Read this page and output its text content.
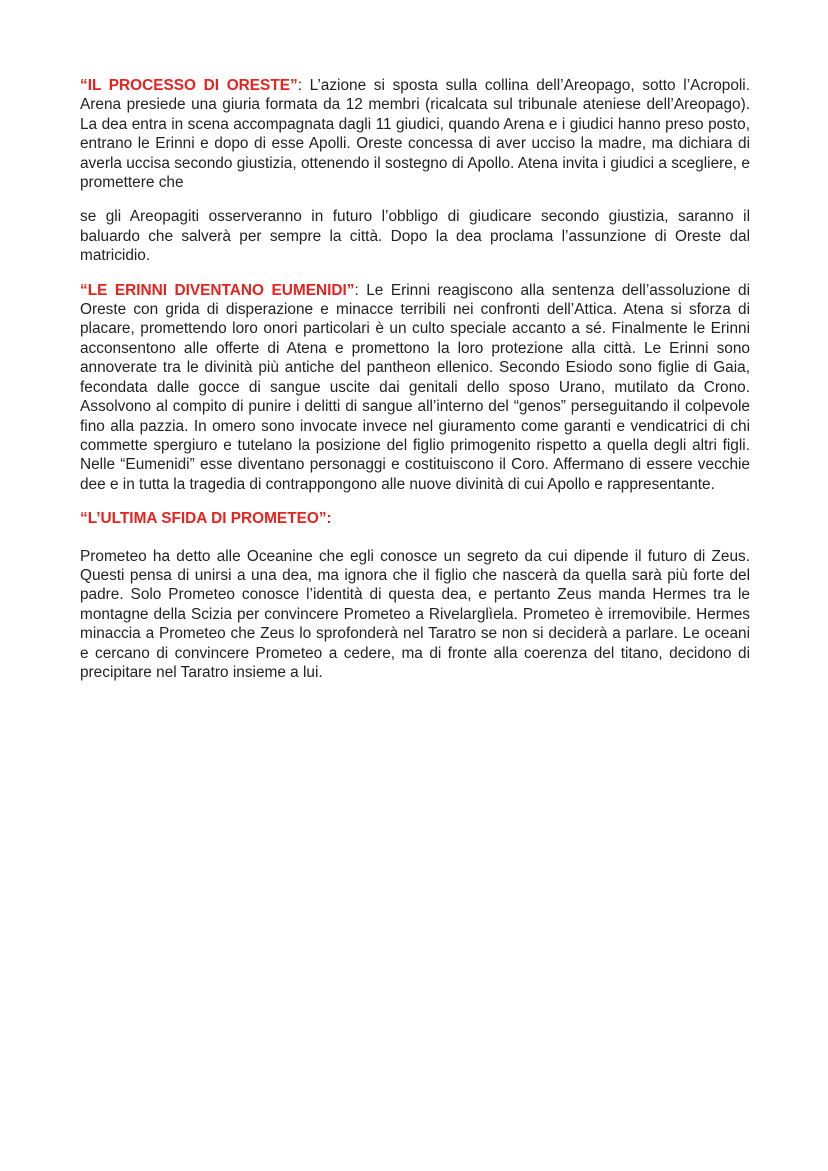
“IL PROCESSO DI ORESTE”: L’azione si sposta sulla collina dell’Areopago, sotto l’Acropoli. Arena presiede una giuria formata da 12 membri (ricalcata sul tribunale ateniese dell’Areopago). La dea entra in scena accompagnata dagli 11 giudici, quando Arena e i giudici hanno preso posto, entrano le Erinni e dopo di esse Apolli. Oreste concessa di aver ucciso la madre, ma dichiara di averla uccisa secondo giustizia, ottenendo il sostegno di Apollo. Atena invita i giudici a scegliere, e promettere che

se gli Areopagiti osserveranno in futuro l’obbligo di giudicare secondo giustizia, saranno il baluardo che salverà per sempre la città. Dopo la dea proclama l’assunzione di Oreste dal matricidio.

“LE ERINNI DIVENTANO EUMENIDI”: Le Erinni reagiscono alla sentenza dell’assoluzione di Oreste con grida di disperazione e minacce terribili nei confronti dell’Attica. Atena si sforza di placare, promettendo loro onori particolari è un culto speciale accanto a sé. Finalmente le Erinni acconsentono alle offerte di Atena e promettono la loro protezione alla città. Le Erinni sono annoverate tra le divinità più antiche del pantheon ellenico. Secondo Esiodo sono figlie di Gaia, fecondata dalle gocce di sangue uscite dai genitali dello sposo Urano, mutilato da Crono. Assolvono al compito di punire i delitti di sangue all’interno del “genos” perseguitando il colpevole fino alla pazzia. In omero sono invocate invece nel giuramento come garanti e vendicatrici di chi commette spergiuro e tutelano la posizione del figlio primogenito rispetto a quella degli altri figli. Nelle “Eumenidi” esse diventano personaggi e costituiscono il Coro. Affermano di essere vecchie dee e in tutta la tragedia di contrappongono alle nuove divinità di cui Apollo e rappresentante.

“L’ULTIMA SFIDA DI PROMETEO”:

Prometeo ha detto alle Oceanine che egli conosce un segreto da cui dipende il futuro di Zeus. Questi pensa di unirsi a una dea, ma ignora che il figlio che nascerà da quella sarà più forte del padre. Solo Prometeo conosce l’identità di questa dea, e pertanto Zeus manda Hermes tra le montagne della Scizia per convincere Prometeo a Rivelarglìela. Prometeo è irremovibile. Hermes minaccia a Prometeo che Zeus lo sprofonderà nel Taratro se non si deciderà a parlare. Le oceani e cercano di convincere Prometeo a cedere, ma di fronte alla coerenza del titano, decidono di precipitare nel Taratro insieme a lui.
